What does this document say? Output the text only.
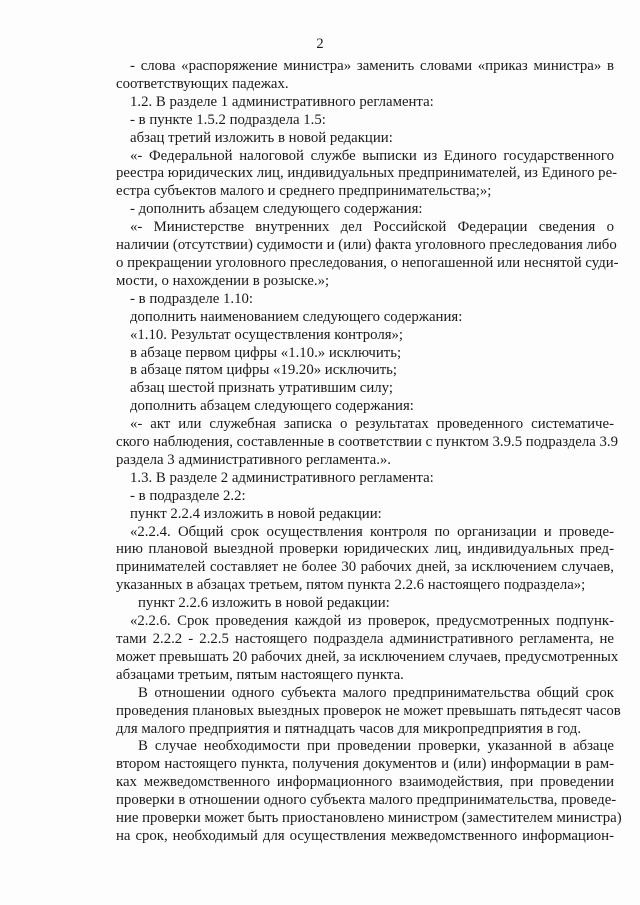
2
- слова «распоряжение министра» заменить словами «приказ министра» в
соответствующих падежах.
1.2. В разделе 1 административного регламента:
- в пункте 1.5.2 подраздела 1.5:
абзац третий изложить в новой редакции:
«- Федеральной налоговой службе выписки из Единого государственного
реестра юридических лиц, индивидуальных предпринимателей, из Единого ре-
естра субъектов малого и среднего предпринимательства;»;
- дополнить абзацем следующего содержания:
«- Министерстве внутренних дел Российской Федерации сведения о
наличии (отсутствии) судимости и (или) факта уголовного преследования либо
о прекращении уголовного преследования, о непогашенной или неснятой суди-
мости, о нахождении в розыске.»;
- в подразделе 1.10:
дополнить наименованием следующего содержания:
«1.10. Результат осуществления контроля»;
в абзаце первом цифры «1.10.» исключить;
в абзаце пятом цифры «19.20» исключить;
абзац шестой признать утратившим силу;
дополнить абзацем следующего содержания:
«- акт или служебная записка о результатах проведенного систематиче-
ского наблюдения, составленные в соответствии с пунктом 3.9.5 подраздела 3.9
раздела 3 административного регламента.».
1.3. В разделе 2 административного регламента:
- в подразделе 2.2:
пункт 2.2.4 изложить в новой редакции:
«2.2.4. Общий срок осуществления контроля по организации и проведе-
нию плановой выездной проверки юридических лиц, индивидуальных пред-
принимателей составляет не более 30 рабочих дней, за исключением случаев,
указанных в абзацах третьем, пятом пункта 2.2.6 настоящего подраздела»;
пункт 2.2.6 изложить в новой редакции:
«2.2.6. Срок проведения каждой из проверок, предусмотренных подпунк-
тами 2.2.2 - 2.2.5 настоящего подраздела административного регламента, не
может превышать 20 рабочих дней, за исключением случаев, предусмотренных
абзацами третьим, пятым настоящего пункта.
В отношении одного субъекта малого предпринимательства общий срок
проведения плановых выездных проверок не может превышать пятьдесят часов
для малого предприятия и пятнадцать часов для микропредприятия в год.
В случае необходимости при проведении проверки, указанной в абзаце
втором настоящего пункта, получения документов и (или) информации в рам-
ках межведомственного информационного взаимодействия, при проведении
проверки в отношении одного субъекта малого предпринимательства, проведе-
ние проверки может быть приостановлено министром (заместителем министра)
на срок, необходимый для осуществления межведомственного информацион-
